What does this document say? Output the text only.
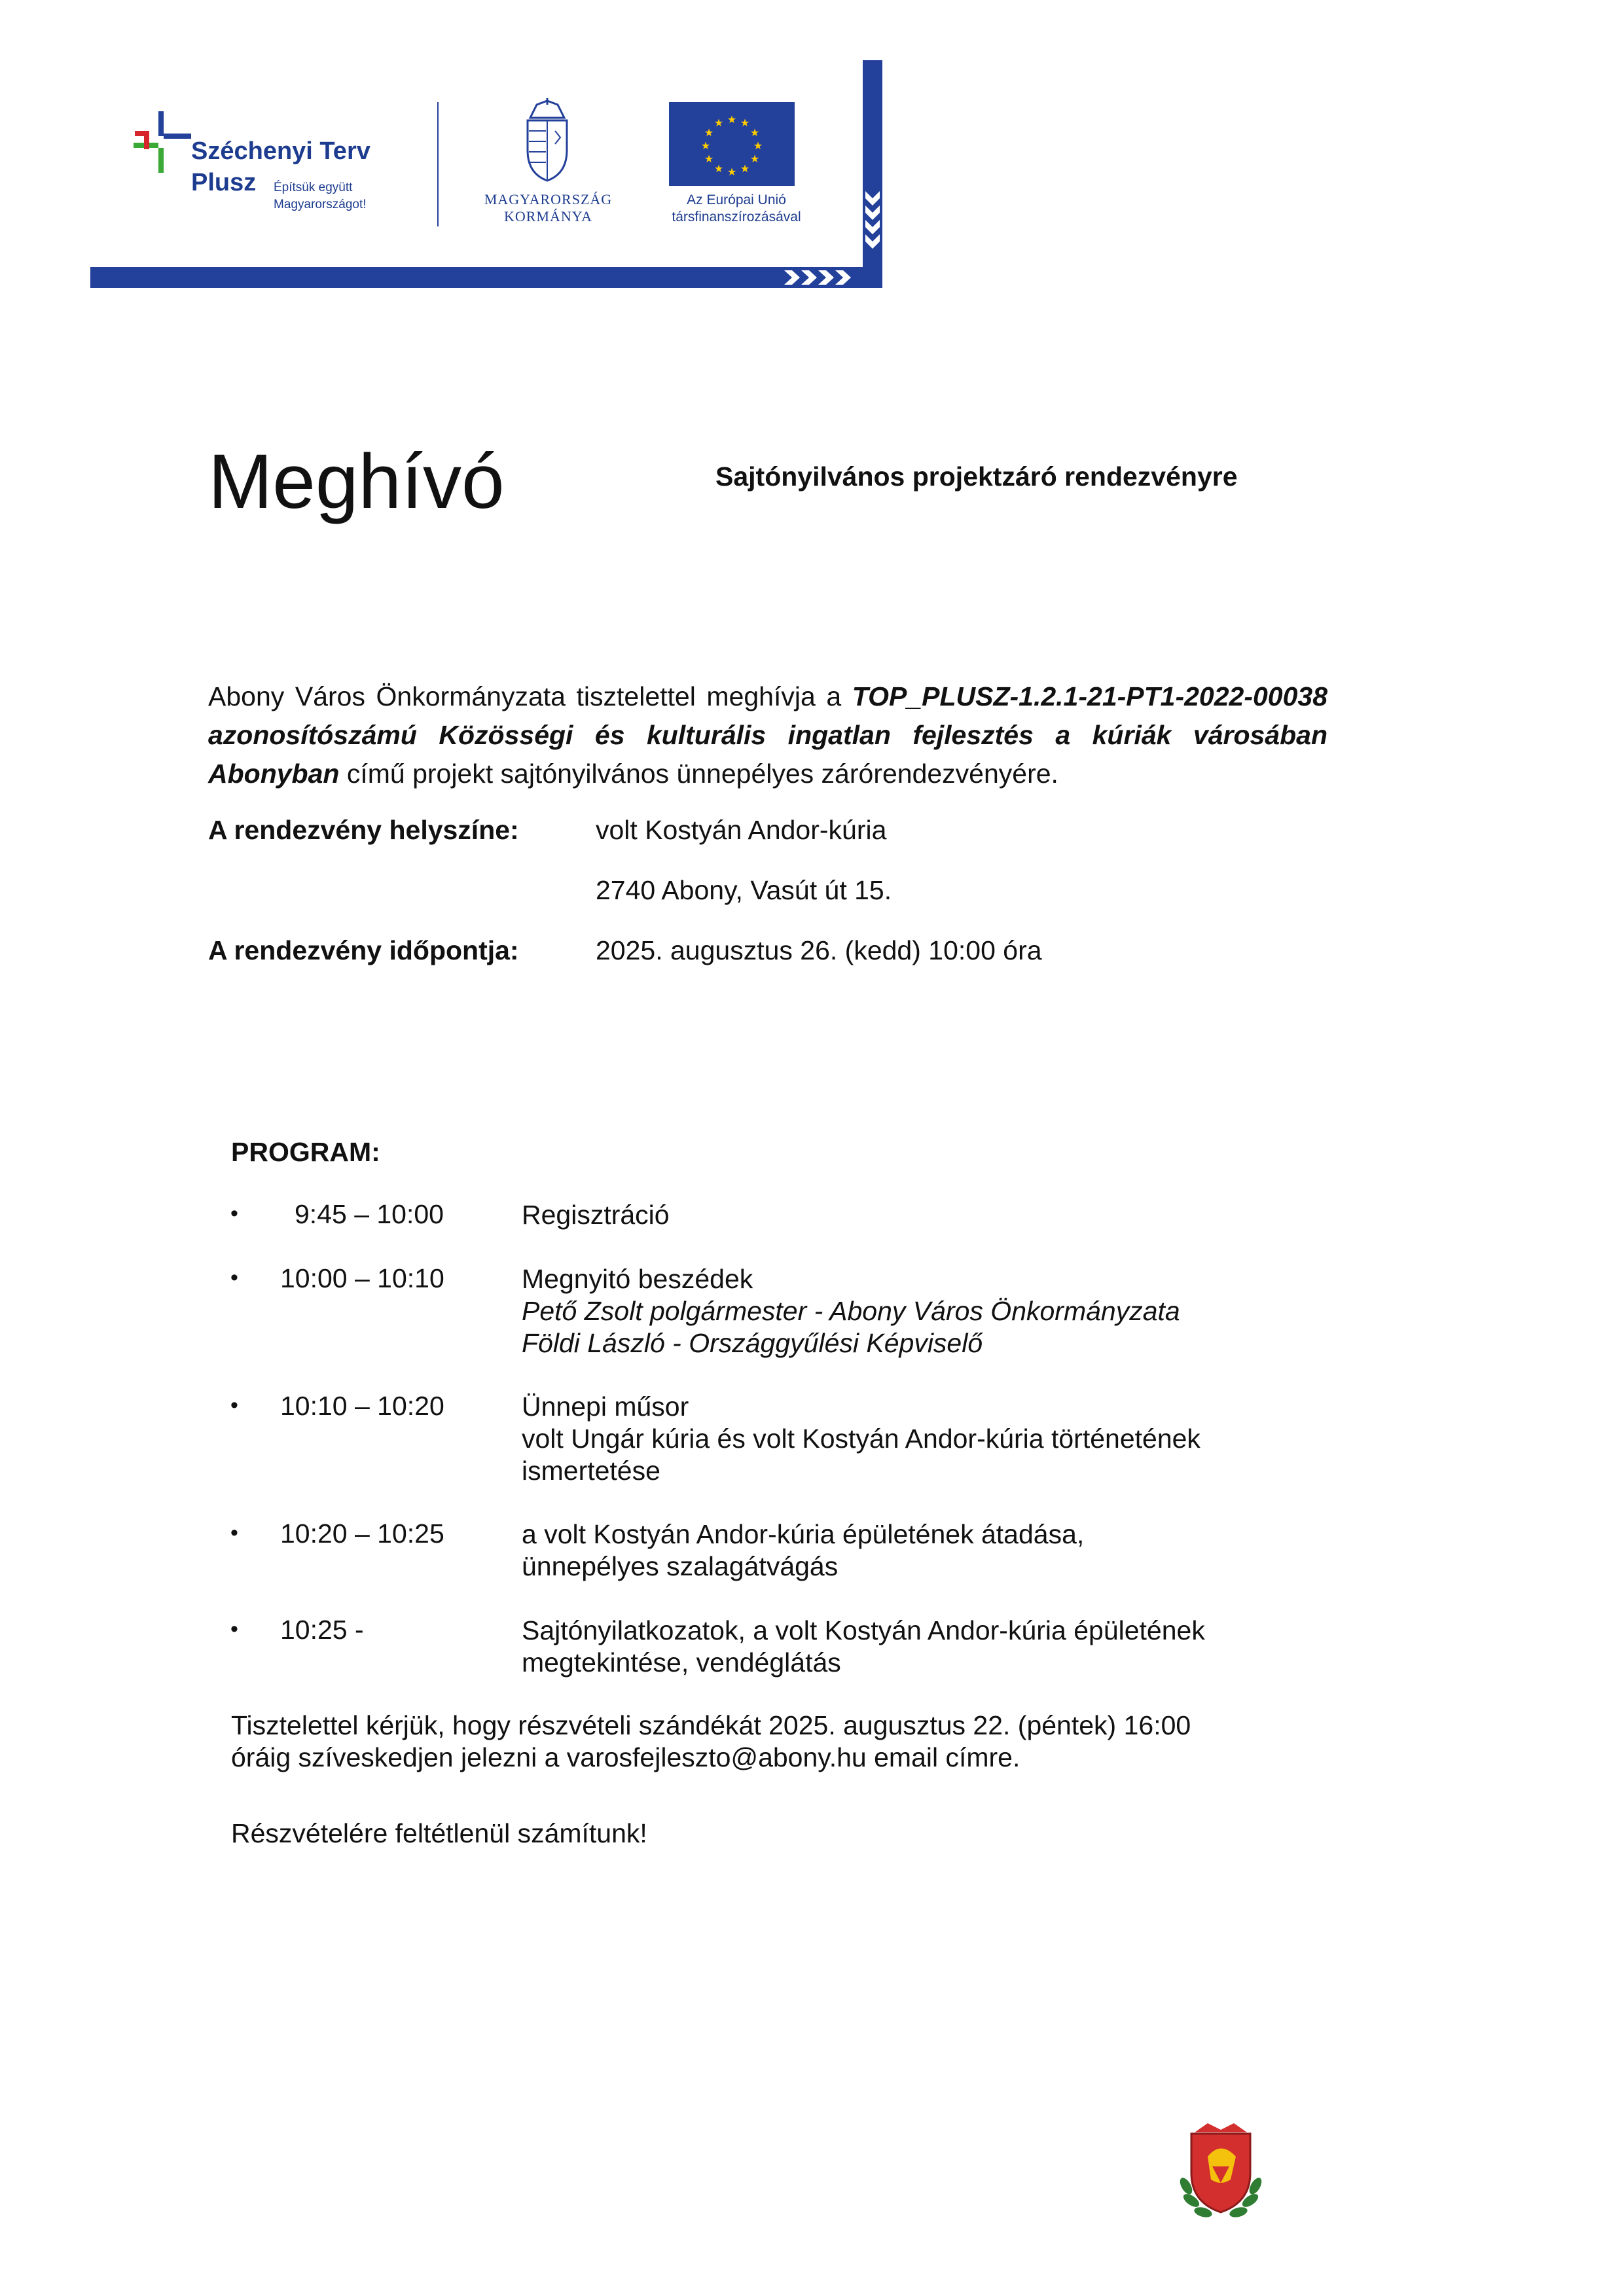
Széchenyi Terv
Plusz Építsük együtt
Magyarországot!	MAGYARORSZÁG
KORMÁNYA
★ ★
★
★
★
★
★
★
★
★
★
★
Az Európai Unió
társfinanszírozásával
Meghívó	Sajtónyilvános projektzáró rendezvényre

Abony Város Önkormányzata tisztelettel meghívja a TOP_PLUSZ-1.2.1-21-PT1-2022-00038 azonosítószámú Közösségi és kulturális ingatlan fejlesztés a kúriák városában Abonyban című projekt sajtónyilvános ünnepélyes zárórendezvényére.

A rendezvény helyszíne:	volt Kostyán Andor-kúria
2740 Abony, Vasút út 15.
A rendezvény időpontja:	2025. augusztus 26. (kedd) 10:00 óra
PROGRAM:
• 9:45 – 10:00	Regisztráció
• 10:00 – 10:10	Megnyitó beszédek
Pető Zsolt polgármester - Abony Város Önkormányzata
Földi László - Országgyűlési Képviselő
• 10:10 – 10:20	Ünnepi műsor
volt Ungár kúria és volt Kostyán Andor-kúria történetének
ismertetése
• 10:20 – 10:25	a volt Kostyán Andor-kúria épületének átadása,
ünnepélyes szalagátvágás
• 10:25 -	Sajtónyilatkozatok, a volt Kostyán Andor-kúria épületének
megtekintése, vendéglátás
Tisztelettel kérjük, hogy részvételi szándékát 2025. augusztus 22. (péntek) 16:00
óráig szíveskedjen jelezni a varosfejleszto@abony.hu email címre.
Részvételére feltétlenül számítunk!
